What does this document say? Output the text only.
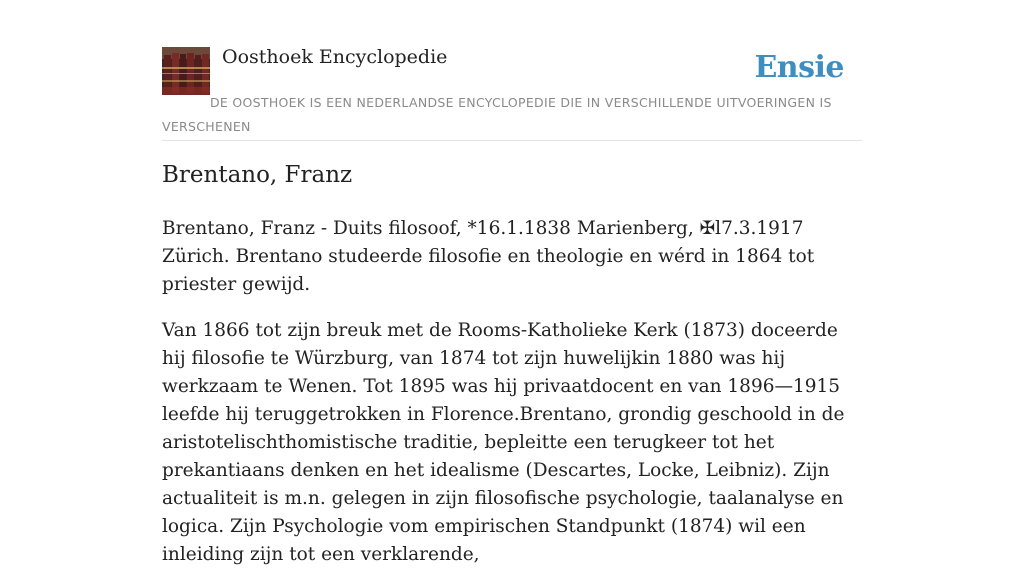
Oosthoek Encyclopedie	Ensie
DE OOSTHOEK IS EEN NEDERLANDSE ENCYCLOPEDIE DIE IN VERSCHILLENDE UITVOERINGEN IS VERSCHENEN
Brentano, Franz

Brentano, Franz - Duits filosoof, *16.1.1838 Marienberg, ✠l7.3.1917 Zürich. Brentano studeerde filosofie en theologie en wérd in 1864 tot priester gewijd.

Van 1866 tot zijn breuk met de Rooms-Katholieke Kerk (1873) doceerde hij filosofie te Würzburg, van 1874 tot zijn huwelijkin 1880 was hij werkzaam te Wenen. Tot 1895 was hij privaatdocent en van 1896—1915 leefde hij teruggetrokken in Florence.Brentano, grondig geschoold in de aristotelischthomistische traditie, bepleitte een terugkeer tot het prekantiaans denken en het idealisme (Descartes, Locke, Leibniz). Zijn actualiteit is m.n. gelegen in zijn filosofische psychologie, taalanalyse en logica. Zijn Psychologie vom empirischen Standpunkt (1874) wil een inleiding zijn tot een verklarende,
